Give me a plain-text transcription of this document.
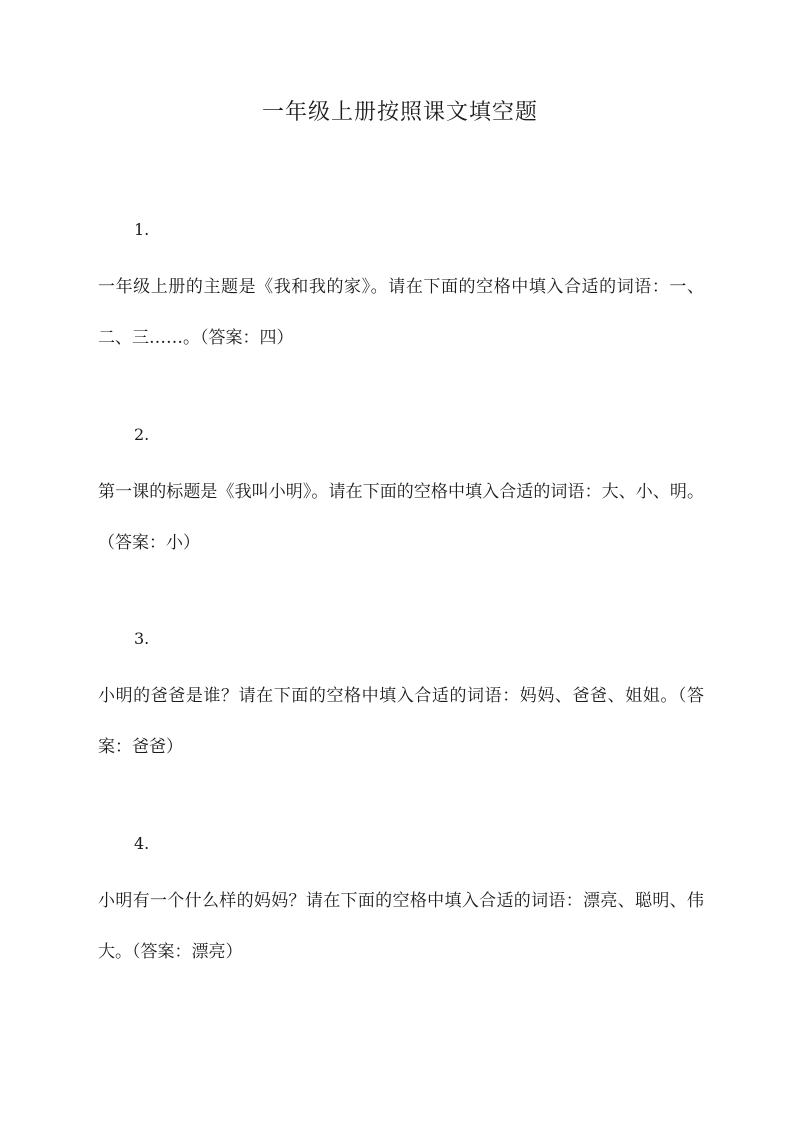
一年级上册按照课文填空题
1.
一年级上册的主题是《我和我的家》。请在下面的空格中填入合适的词语：一、二、三……。（答案：四）
2.
第一课的标题是《我叫小明》。请在下面的空格中填入合适的词语：大、小、明。（答案：小）
3.
小明的爸爸是谁？请在下面的空格中填入合适的词语：妈妈、爸爸、姐姐。（答案：爸爸）
4.
小明有一个什么样的妈妈？请在下面的空格中填入合适的词语：漂亮、聪明、伟大。（答案：漂亮）
